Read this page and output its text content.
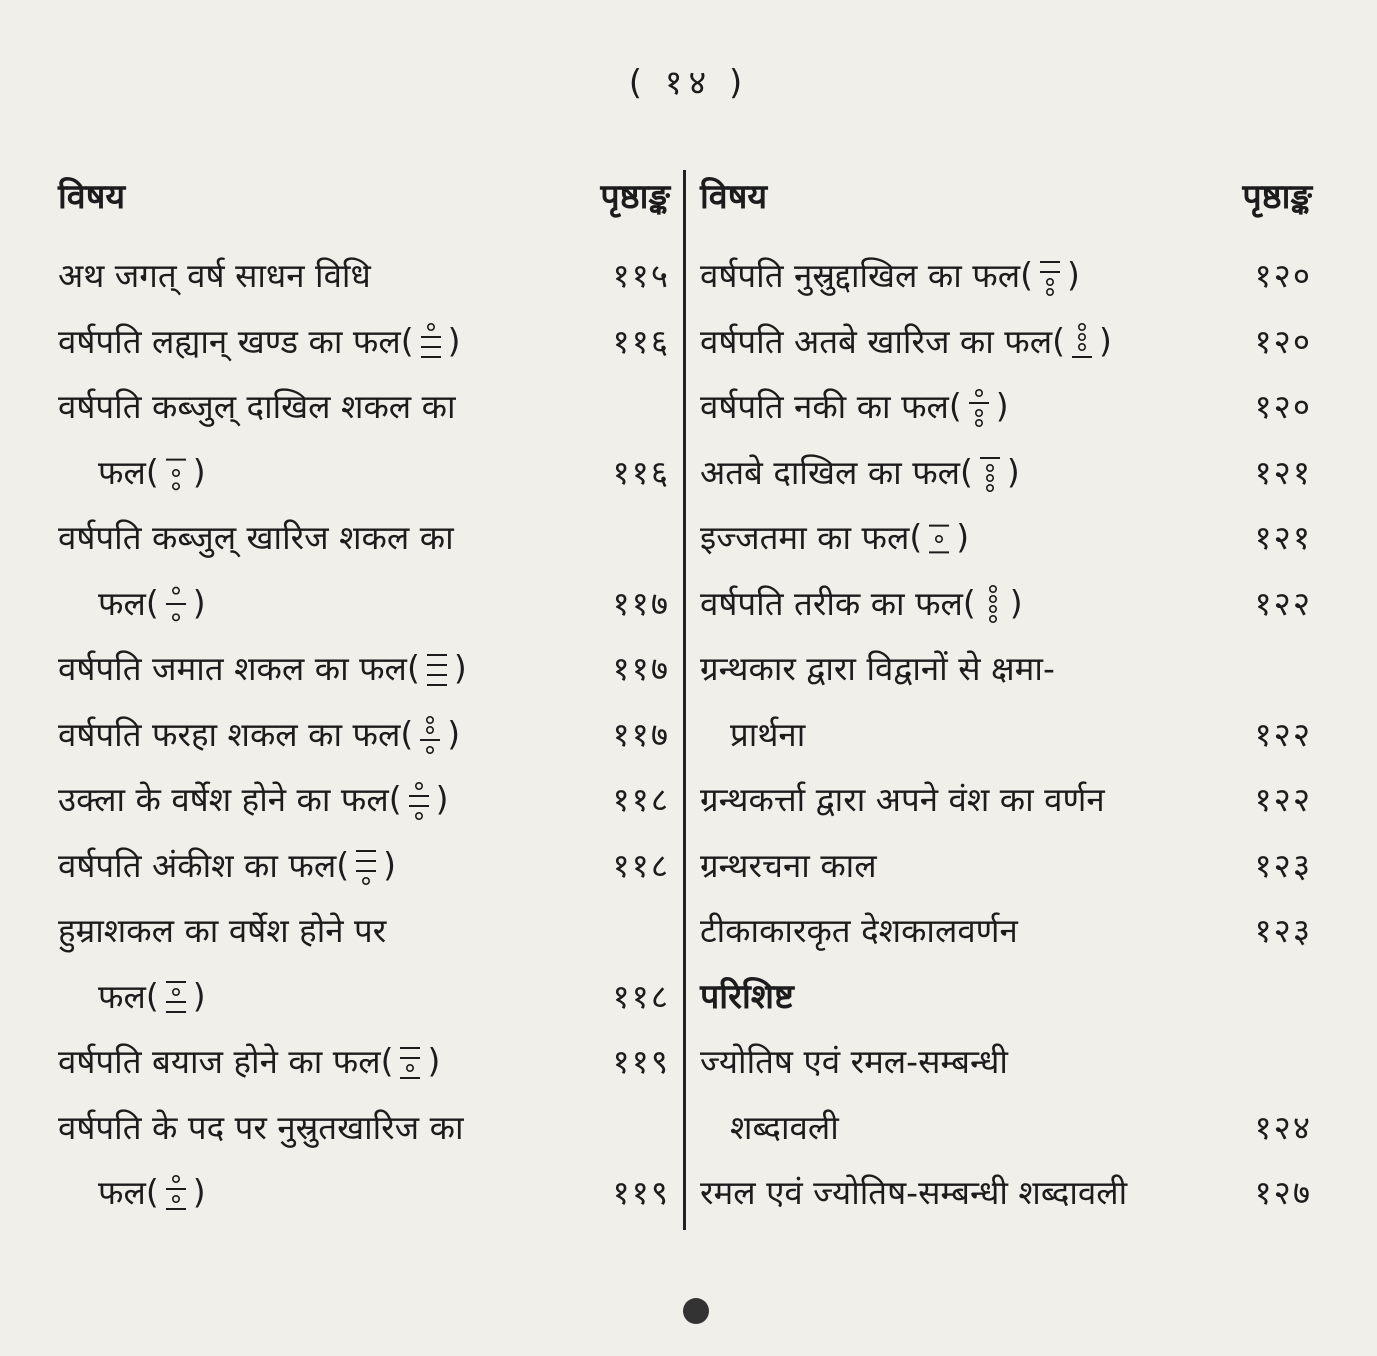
( १४ )
विषय	पृष्ठाङ्क
अथ जगत् वर्ष साधन विधि	११५
वर्षपति लह्यान् खण्ड का फल ( )	११६
वर्षपति कब्जुल् दाखिल शकल का
फल ( )	११६
वर्षपति कब्जुल् खारिज शकल का
फल ( )	११७
वर्षपति जमात शकल का फल ( )	११७
वर्षपति फरहा शकल का फल ( )	११७
उक्ला के वर्षेश होने का फल ( )	११८
वर्षपति अंकीश का फल ( )	११८
हुम्राशकल का वर्षेश होने पर
फल ( )	११८
वर्षपति बयाज होने का फल ( )	११९
वर्षपति के पद पर नुस्रुतखारिज का
फल ( )	११९
विषय	पृष्ठाङ्क
वर्षपति नुस्रुद्दाखिल का फल ( )	१२०
वर्षपति अतबे खारिज का फल ( )	१२०
वर्षपति नकी का फल ( )	१२०
अतबे दाखिल का फल ( )	१२१
इज्जतमा का फल ( )	१२१
वर्षपति तरीक का फल ( )	१२२
ग्रन्थकार द्वारा विद्वानों से क्षमा-
प्रार्थना	१२२
ग्रन्थकर्त्ता द्वारा अपने वंश का वर्णन	१२२
ग्रन्थरचना काल	१२३
टीकाकारकृत देशकालवर्णन	१२३
परिशिष्ट
ज्योतिष एवं रमल-सम्बन्धी
शब्दावली	१२४
रमल एवं ज्योतिष-सम्बन्धी शब्दावली	१२७
